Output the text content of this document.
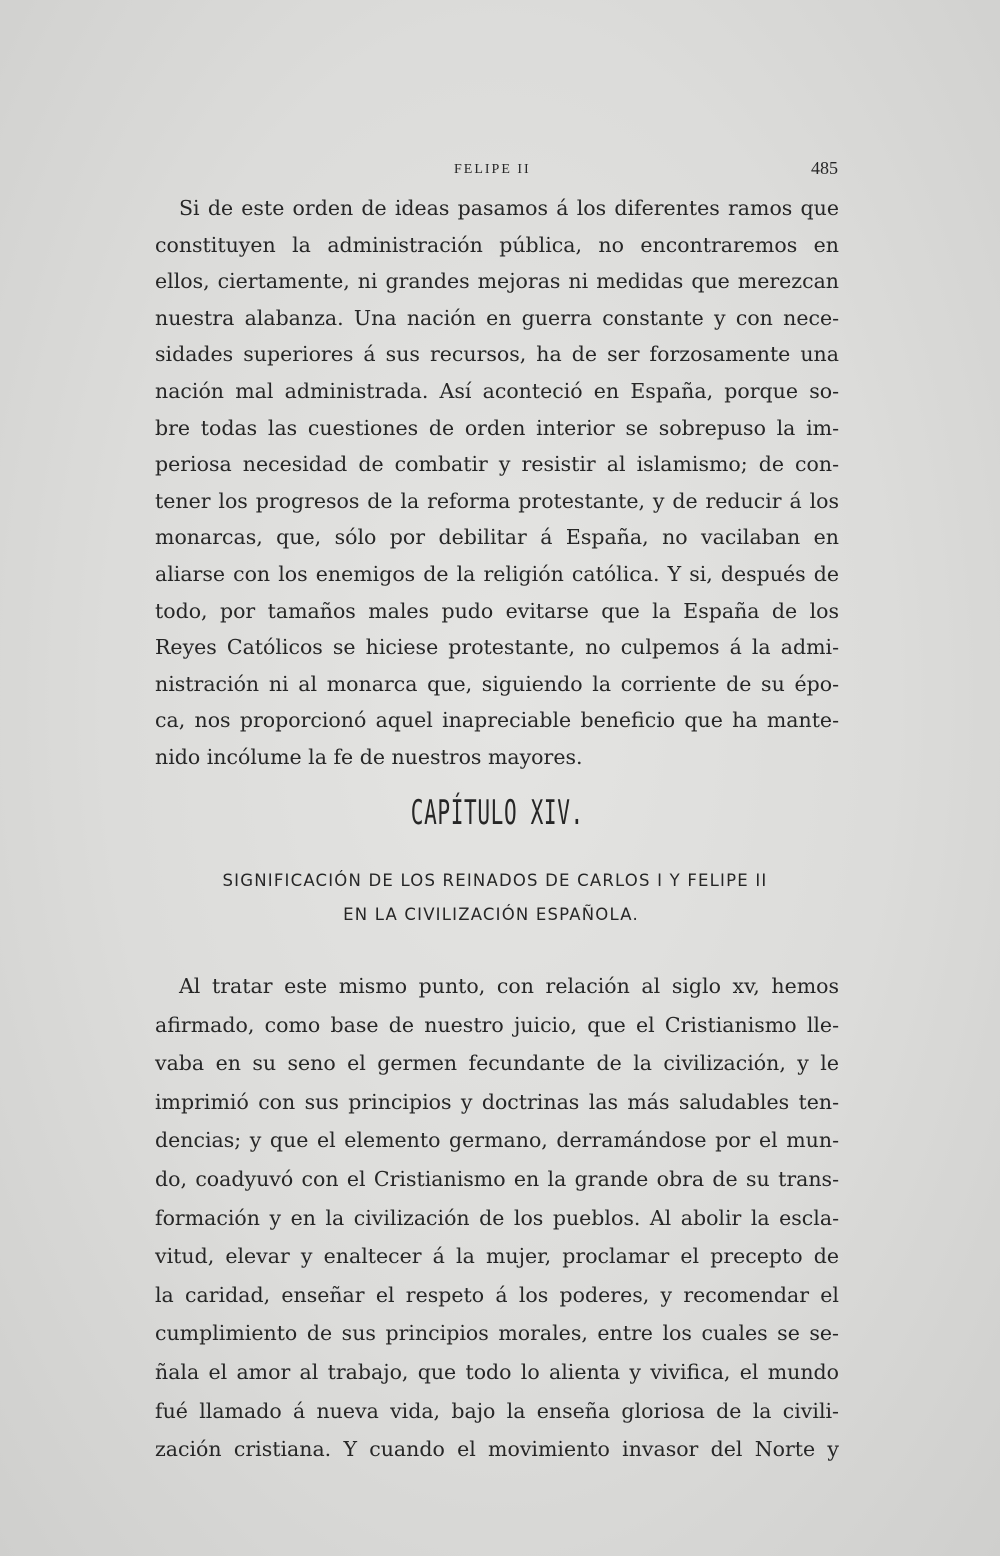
FELIPE II	485
Si de este orden de ideas pasamos á los diferentes ramos que
constituyen la administración pública, no encontraremos en
ellos, ciertamente, ni grandes mejoras ni medidas que merezcan
nuestra alabanza. Una nación en guerra constante y con nece-
sidades superiores á sus recursos, ha de ser forzosamente una
nación mal administrada. Así aconteció en España, porque so-
bre todas las cuestiones de orden interior se sobrepuso la im-
periosa necesidad de combatir y resistir al islamismo; de con-
tener los progresos de la reforma protestante, y de reducir á los
monarcas, que, sólo por debilitar á España, no vacilaban en
aliarse con los enemigos de la religión católica. Y si, después de
todo, por tamaños males pudo evitarse que la España de los
Reyes Católicos se hiciese protestante, no culpemos á la admi-
nistración ni al monarca que, siguiendo la corriente de su épo-
ca, nos proporcionó aquel inapreciable beneficio que ha mante-
nido incólume la fe de nuestros mayores.
CAPÍTULO XIV.
SIGNIFICACIÓN DE LOS REINADOS DE CARLOS I Y FELIPE II
EN LA CIVILIZACIÓN ESPAÑOLA.
Al tratar este mismo punto, con relación al siglo xv, hemos
afirmado, como base de nuestro juicio, que el Cristianismo lle-
vaba en su seno el germen fecundante de la civilización, y le
imprimió con sus principios y doctrinas las más saludables ten-
dencias; y que el elemento germano, derramándose por el mun-
do, coadyuvó con el Cristianismo en la grande obra de su trans-
formación y en la civilización de los pueblos. Al abolir la escla-
vitud, elevar y enaltecer á la mujer, proclamar el precepto de
la caridad, enseñar el respeto á los poderes, y recomendar el
cumplimiento de sus principios morales, entre los cuales se se-
ñala el amor al trabajo, que todo lo alienta y vivifica, el mundo
fué llamado á nueva vida, bajo la enseña gloriosa de la civili-
zación cristiana. Y cuando el movimiento invasor del Norte y
